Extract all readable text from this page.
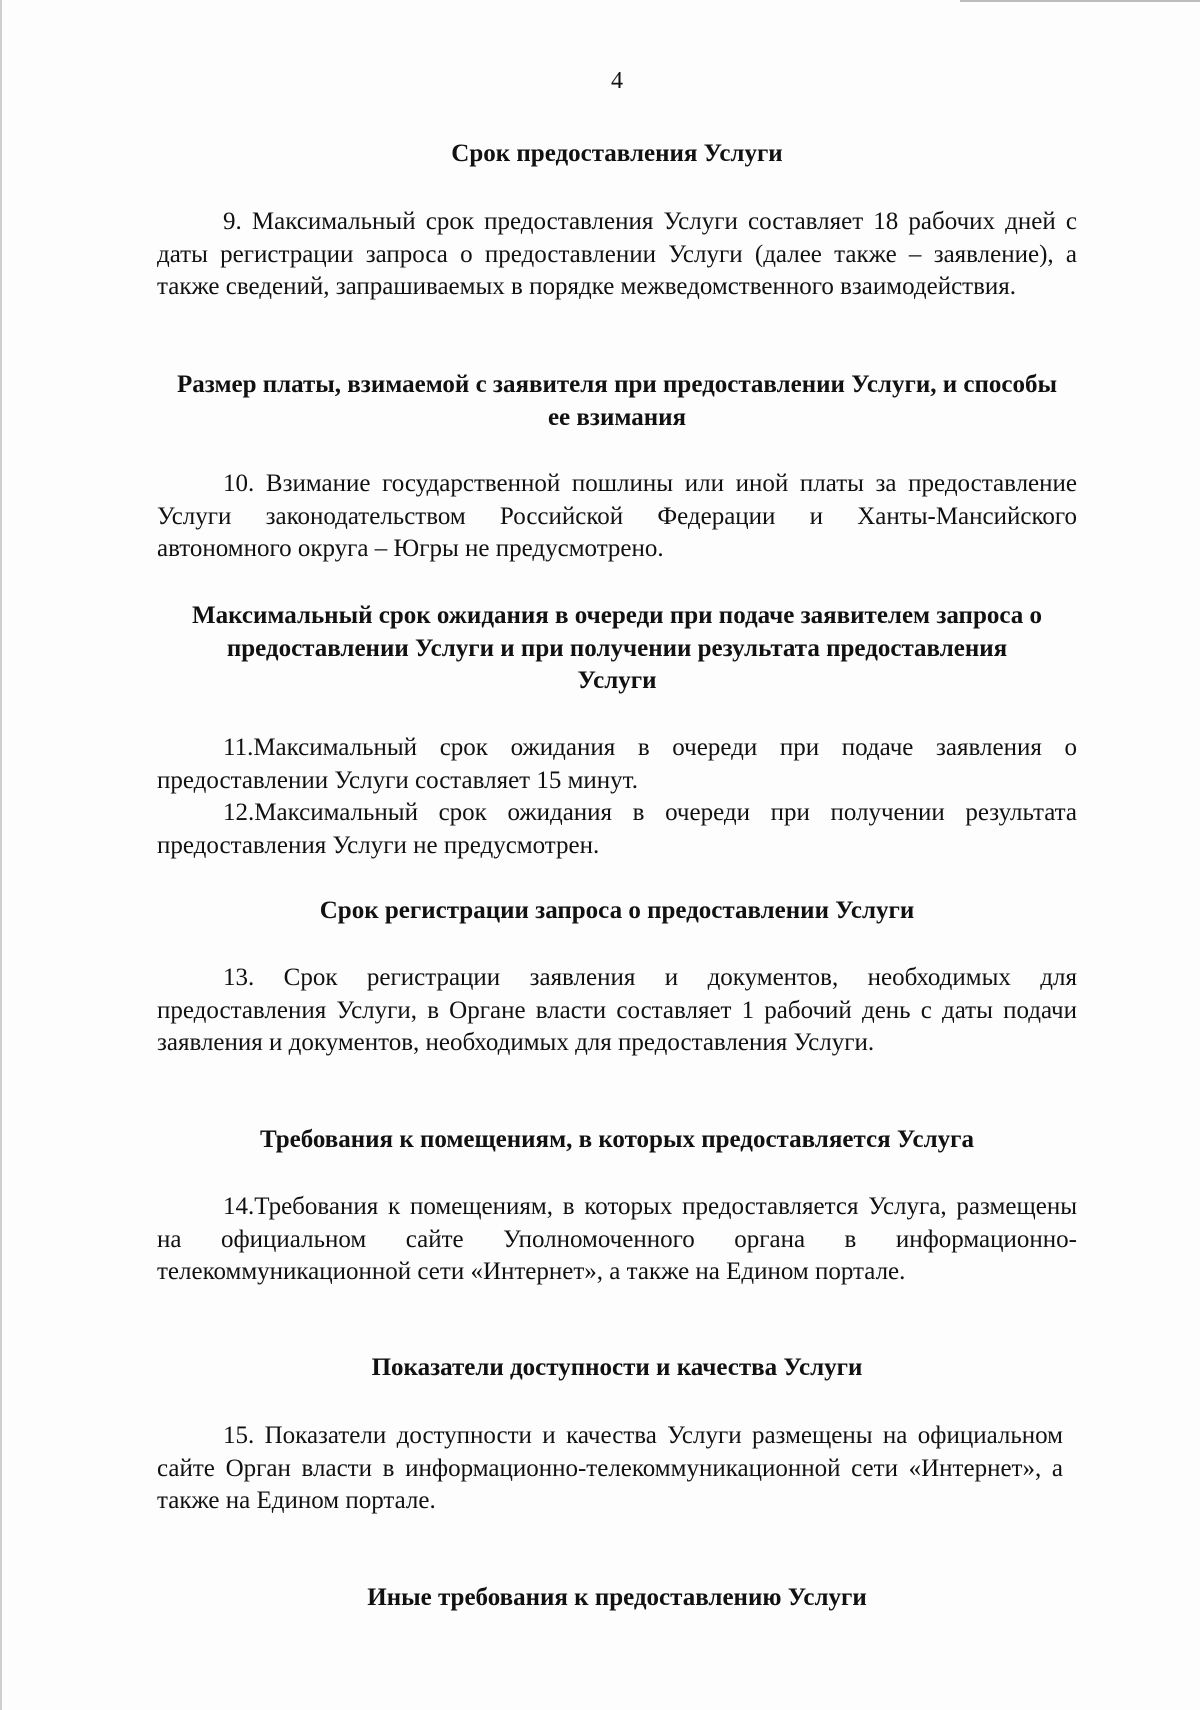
4
Срок предоставления Услуги

9. Максимальный срок предоставления Услуги составляет 18 рабочих дней с даты регистрации запроса о предоставлении Услуги (далее также – заявление), а также сведений, запрашиваемых в порядке межведомственного взаимодействия.

Размер платы, взимаемой с заявителя при предоставлении Услуги, и способы ее взимания

10. Взимание государственной пошлины или иной платы за предоставление Услуги законодательством Российской Федерации и Ханты-Мансийского автономного округа – Югры не предусмотрено.

Максимальный срок ожидания в очереди при подаче заявителем запроса о предоставлении Услуги и при получении результата предоставления Услуги

11.Максимальный срок ожидания в очереди при подаче заявления о предоставлении Услуги составляет 15 минут.

12.Максимальный срок ожидания в очереди при получении результата предоставления Услуги не предусмотрен.

Срок регистрации запроса о предоставлении Услуги

13. Срок регистрации заявления и документов, необходимых для предоставления Услуги, в Органе власти составляет 1 рабочий день с даты подачи заявления и документов, необходимых для предоставления Услуги.

Требования к помещениям, в которых предоставляется Услуга

14.Требования к помещениям, в которых предоставляется Услуга, размещены на официальном сайте Уполномоченного органа в информационно-телекоммуникационной сети «Интернет», а также на Едином портале.

Показатели доступности и качества Услуги

15. Показатели доступности и качества Услуги размещены на официальном сайте Орган власти в информационно-телекоммуникационной сети «Интернет», а также на Едином портале.

Иные требования к предоставлению Услуги
